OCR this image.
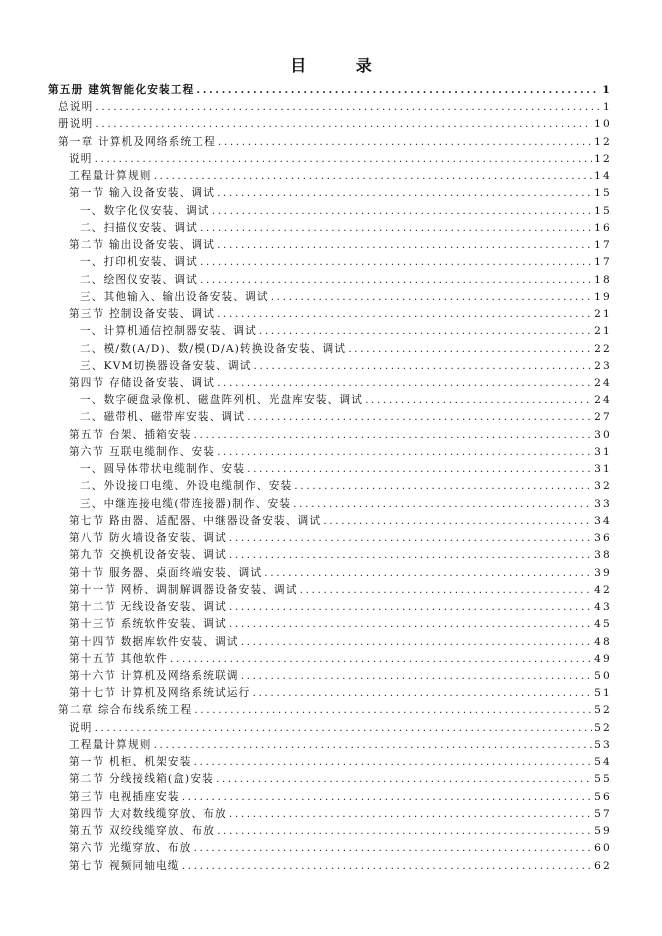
目 录
第五册 建筑智能化安装工程 .....	1
总说明 .....	1
册说明 .....	10
第一章 计算机及网络系统工程 .....	12
说明 .....	12
工程量计算规则 .....	14
第一节 输入设备安装、调试 .....	15
一、数字化仪安装、调试 .....	15
二、扫描仪安装、调试 .....	16
第二节 输出设备安装、调试 .....	17
一、打印机安装、调试 .....	17
二、绘图仪安装、调试 .....	18
三、其他输入、输出设备安装、调试 .....	19
第三节 控制设备安装、调试 .....	21
一、计算机通信控制器安装、调试 .....	21
二、模/数(A/D)、数/模(D/A)转换设备安装、调试 .....	22
三、KVM切换器设备安装、调试 .....	23
第四节 存储设备安装、调试 .....	24
一、数字硬盘录像机、磁盘阵列机、光盘库安装、调试 .....	24
二、磁带机、磁带库安装、调试 .....	27
第五节 台架、插箱安装 .....	30
第六节 互联电缆制作、安装 .....	31
一、圆导体带状电缆制作、安装 .....	31
二、外设接口电缆、外设电缆制作、安装 .....	32
三、中继连接电缆(带连接器)制作、安装 .....	33
第七节 路由器、适配器、中继器设备安装、调试 .....	34
第八节 防火墙设备安装、调试 .....	36
第九节 交换机设备安装、调试 .....	38
第十节 服务器、桌面终端安装、调试 .....	39
第十一节 网桥、调制解调器设备安装、调试 .....	42
第十二节 无线设备安装、调试 .....	43
第十三节 系统软件安装、调试 .....	45
第十四节 数据库软件安装、调试 .....	48
第十五节 其他软件 .....	49
第十六节 计算机及网络系统联调 .....	50
第十七节 计算机及网络系统试运行 .....	51
第二章 综合布线系统工程 .....	52
说明 .....	52
工程量计算规则 .....	53
第一节 机柜、机架安装 .....	54
第二节 分线接线箱(盒)安装 .....	55
第三节 电视插座安装 .....	56
第四节 大对数线缆穿放、布放 .....	57
第五节 双绞线缆穿放、布放 .....	59
第六节 光缆穿放、布放 .....	60
第七节 视频同轴电缆 .....	62
